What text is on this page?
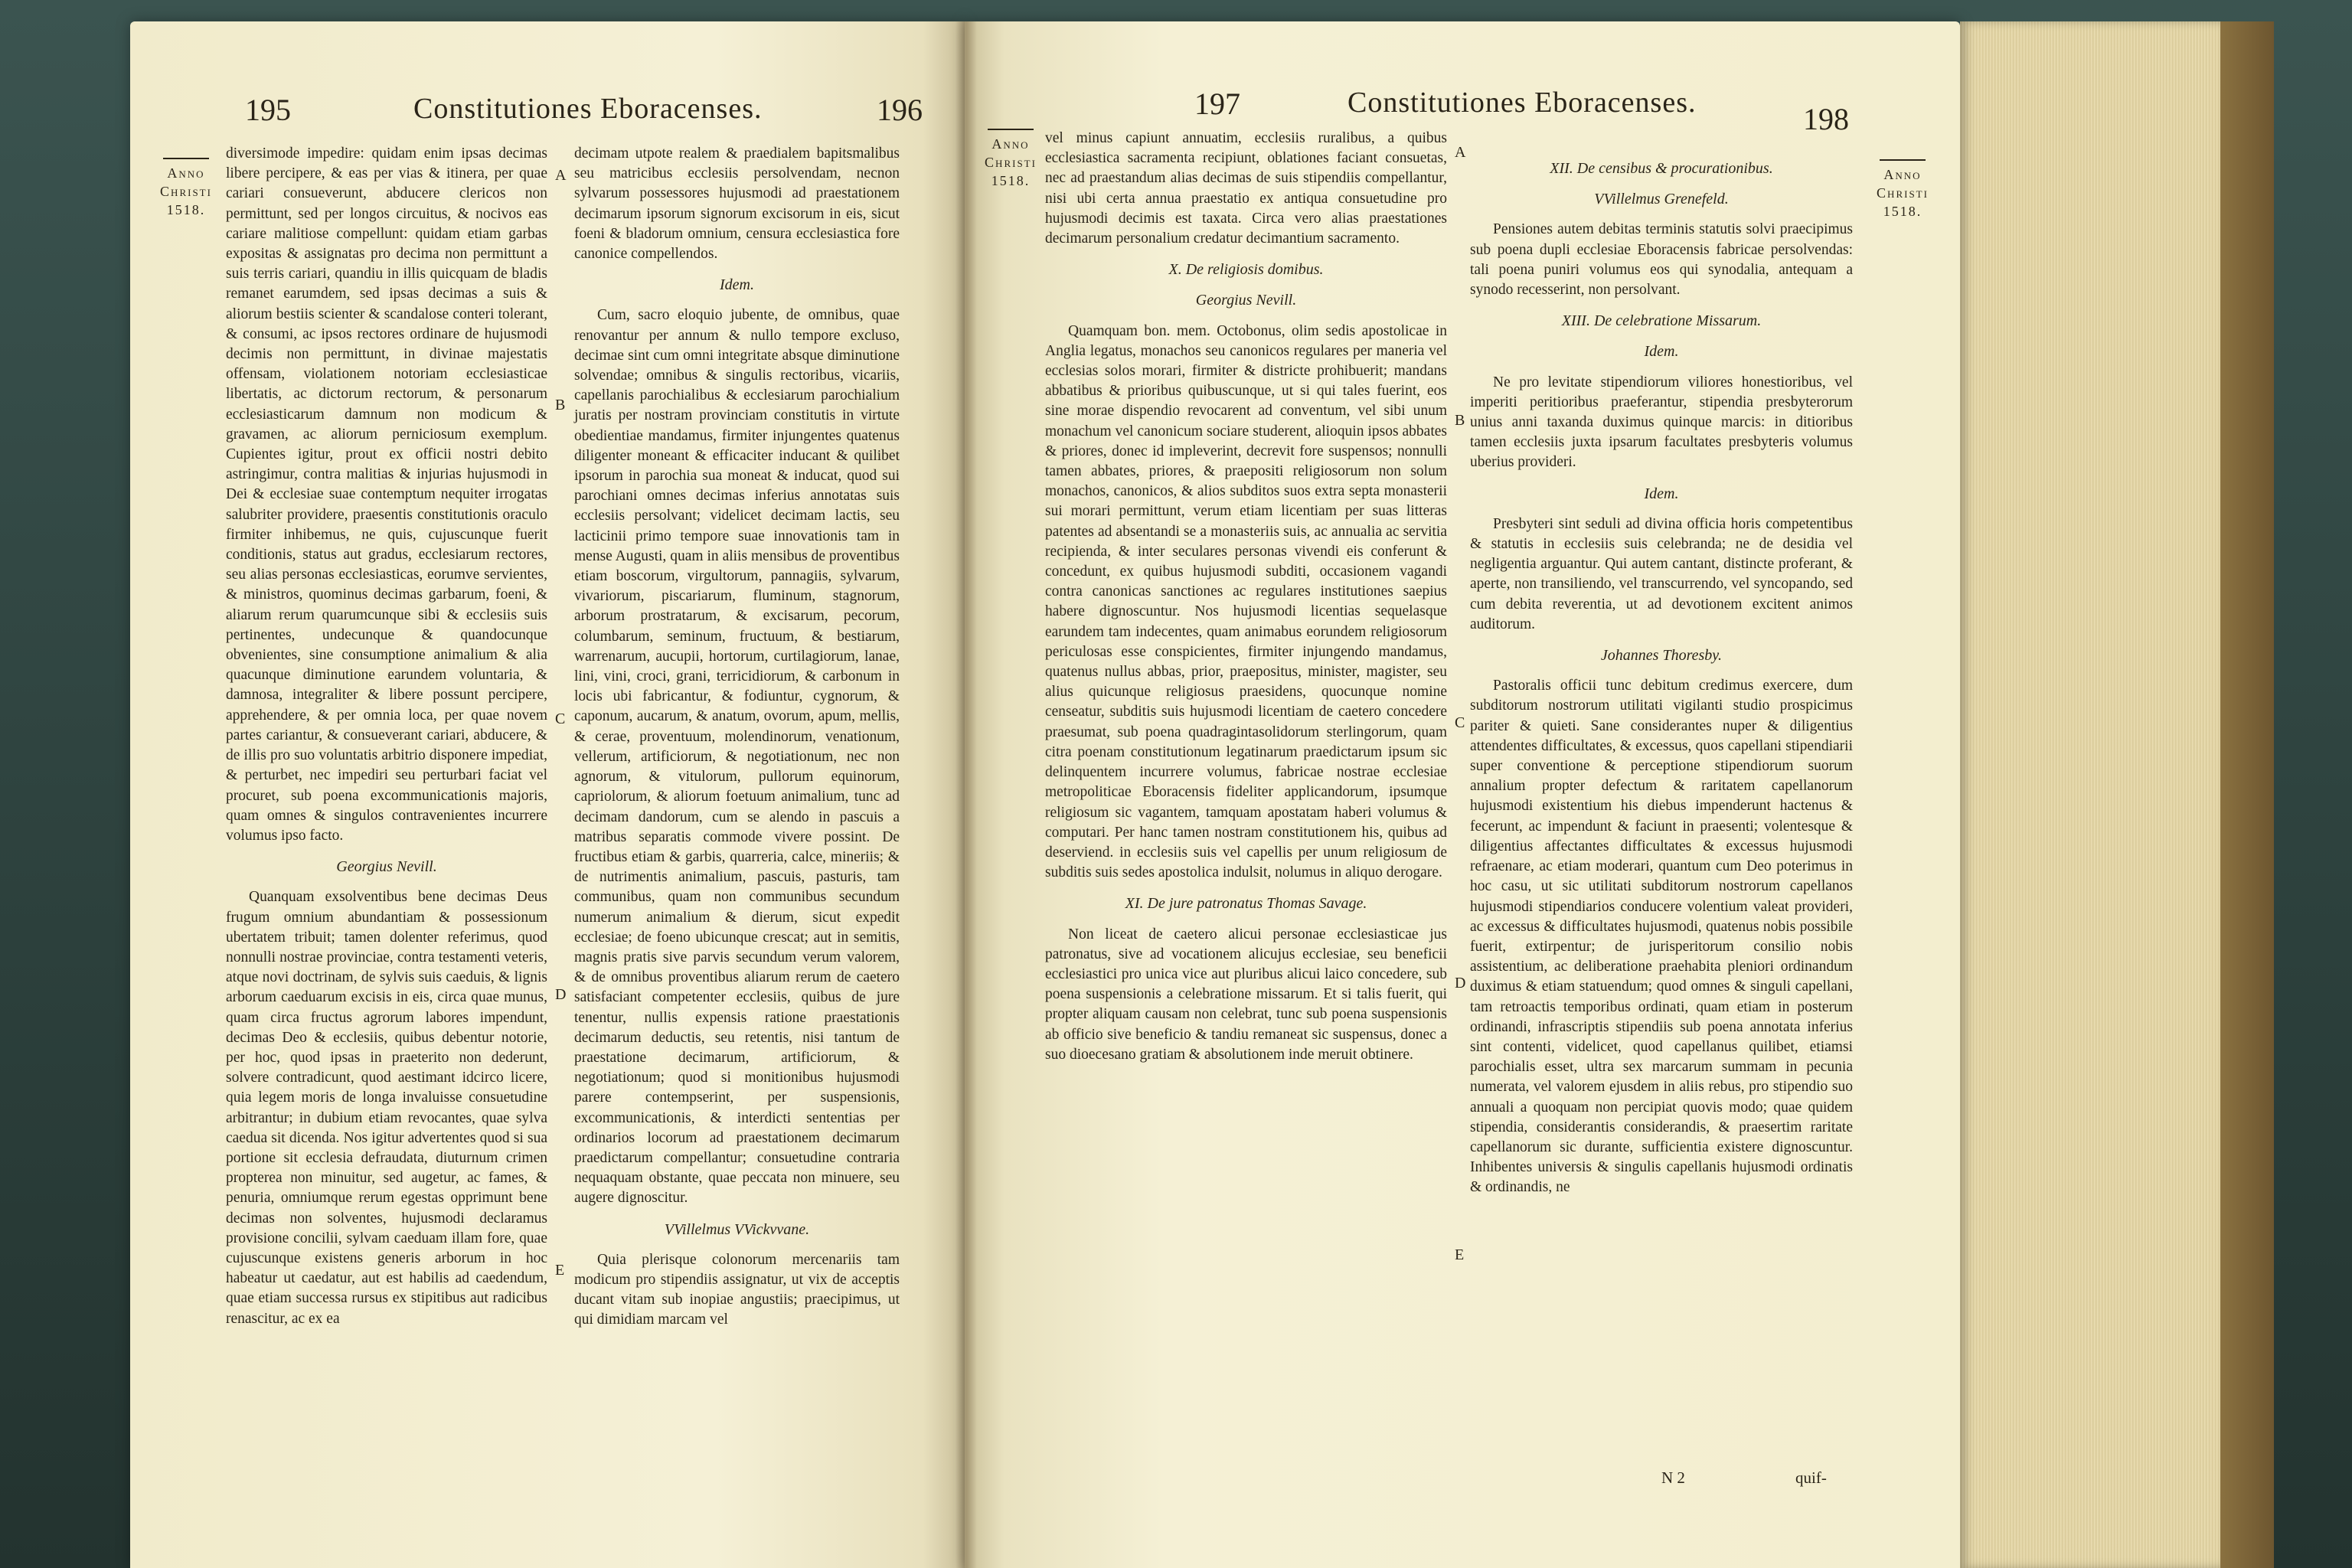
195	Constitutiones Eboracenses.	196
Anno
Christi
1518.
A
B
C
D
E

diversimode impedire: quidam enim ipsas decimas libere percipere, & eas per vias & itinera, per quae cariari consueverunt, abducere clericos non permittunt, sed per longos circuitus, & nocivos eas cariare malitiose compellunt: quidam etiam garbas expositas & assignatas pro decima non permittunt a suis terris cariari, quandiu in illis quicquam de bladis remanet earumdem, sed ipsas decimas a suis & aliorum bestiis scienter & scandalose conteri tolerant, & consumi, ac ipsos rectores ordinare de hujusmodi decimis non permittunt, in divinae majestatis offensam, violationem notoriam ecclesiasticae libertatis, ac dictorum rectorum, & personarum ecclesiasticarum damnum non modicum & gravamen, ac aliorum perniciosum exemplum. Cupientes igitur, prout ex officii nostri debito astringimur, contra malitias & injurias hujusmodi in Dei & ecclesiae suae contemptum nequiter irrogatas salubriter providere, praesentis constitutionis oraculo firmiter inhibemus, ne quis, cujuscunque fuerit conditionis, status aut gradus, ecclesiarum rectores, seu alias personas ecclesiasticas, eorumve servientes, & ministros, quominus decimas garbarum, foeni, & aliarum rerum quarumcunque sibi & ecclesiis suis pertinentes, undecunque & quandocunque obvenientes, sine consumptione animalium & alia quacunque diminutione earundem voluntaria, & damnosa, integraliter & libere possunt percipere, apprehendere, & per omnia loca, per quae novem partes cariantur, & consueverant cariari, abducere, & de illis pro suo voluntatis arbitrio disponere impediat, & perturbet, nec impediri seu perturbari faciat vel procuret, sub poena excommunicationis majoris, quam omnes & singulos contravenientes incurrere volumus ipso facto.

Georgius Nevill.

Quanquam exsolventibus bene decimas Deus frugum omnium abundantiam & possessionum ubertatem tribuit; tamen dolenter referimus, quod nonnulli nostrae provinciae, contra testamenti veteris, atque novi doctrinam, de sylvis suis caeduis, & lignis arborum caeduarum excisis in eis, circa quae munus, quam circa fructus agrorum labores impendunt, decimas Deo & ecclesiis, quibus debentur notorie, per hoc, quod ipsas in praeterito non dederunt, solvere contradicunt, quod aestimant idcirco licere, quia legem moris de longa invaluisse consuetudine arbitrantur; in dubium etiam revocantes, quae sylva caedua sit dicenda. Nos igitur advertentes quod si sua portione sit ecclesia defraudata, diuturnum crimen propterea non minuitur, sed augetur, ac fames, & penuria, omniumque rerum egestas opprimunt bene decimas non solventes, hujusmodi declaramus provisione concilii, sylvam caeduam illam fore, quae cujuscunque existens generis arborum in hoc habeatur ut caedatur, aut est habilis ad caedendum, quae etiam successa rursus ex stipitibus aut radicibus renascitur, ac ex ea

decimam utpote realem & praedialem bapitsmalibus seu matricibus ecclesiis persolvendam, necnon sylvarum possessores hujusmodi ad praestationem decimarum ipsorum signorum excisorum in eis, sicut foeni & bladorum omnium, censura ecclesiastica fore canonice compellendos.

Idem.

Cum, sacro eloquio jubente, de omnibus, quae renovantur per annum & nullo tempore excluso, decimae sint cum omni integritate absque diminutione solvendae; omnibus & singulis rectoribus, vicariis, capellanis parochialibus & ecclesiarum parochialium juratis per nostram provinciam constitutis in virtute obedientiae mandamus, firmiter injungentes quatenus diligenter moneant & efficaciter inducant & quilibet ipsorum in parochia sua moneat & inducat, quod sui parochiani omnes decimas inferius annotatas suis ecclesiis persolvant; videlicet decimam lactis, seu lacticinii primo tempore suae innovationis tam in mense Augusti, quam in aliis mensibus de proventibus etiam boscorum, virgultorum, pannagiis, sylvarum, vivariorum, piscariarum, fluminum, stagnorum, arborum prostratarum, & excisarum, pecorum, columbarum, seminum, fructuum, & bestiarum, warrenarum, aucupii, hortorum, curtilagiorum, lanae, lini, vini, croci, grani, terricidiorum, & carbonum in locis ubi fabricantur, & fodiuntur, cygnorum, & caponum, aucarum, & anatum, ovorum, apum, mellis, & cerae, proventuum, molendinorum, venationum, vellerum, artificiorum, & negotiationum, nec non agnorum, & vitulorum, pullorum equinorum, capriolorum, & aliorum foetuum animalium, tunc ad decimam dandorum, cum se alendo in pascuis a matribus separatis commode vivere possint. De fructibus etiam & garbis, quarreria, calce, mineriis; & de nutrimentis animalium, pascuis, pasturis, tam communibus, quam non communibus secundum numerum animalium & dierum, sicut expedit ecclesiae; de foeno ubicunque crescat; aut in semitis, magnis pratis sive parvis secundum verum valorem, & de omnibus proventibus aliarum rerum de caetero satisfaciant competenter ecclesiis, quibus de jure tenentur, nullis expensis ratione praestationis decimarum deductis, seu retentis, nisi tantum de praestatione decimarum, artificiorum, & negotiationum; quod si monitionibus hujusmodi parere contempserint, per suspensionis, excommunicationis, & interdicti sententias per ordinarios locorum ad praestationem decimarum praedictarum compellantur; consuetudine contraria nequaquam obstante, quae peccata non minuere, seu augere dignoscitur.

VVillelmus VVickvvane.

Quia plerisque colonorum mercenariis tam modicum pro stipendiis assignatur, ut vix de acceptis ducant vitam sub inopiae angustiis; praecipimus, ut qui dimidiam marcam vel

197	Constitutiones Eboracenses.	198
Anno
Christi
1518.	Anno
Christi
1518.
A
B
C
D
E

vel minus capiunt annuatim, ecclesiis ruralibus, a quibus ecclesiastica sacramenta recipiunt, oblationes faciant consuetas, nec ad praestandum alias decimas de suis stipendiis compellantur, nisi ubi certa annua praestatio ex antiqua consuetudine pro hujusmodi decimis est taxata. Circa vero alias praestationes decimarum personalium credatur decimantium sacramento.

X. De religiosis domibus.
Georgius Nevill.

Quamquam bon. mem. Octobonus, olim sedis apostolicae in Anglia legatus, monachos seu canonicos regulares per maneria vel ecclesias solos morari, firmiter & districte prohibuerit; mandans abbatibus & prioribus quibuscunque, ut si qui tales fuerint, eos sine morae dispendio revocarent ad conventum, vel sibi unum monachum vel canonicum sociare studerent, alioquin ipsos abbates & priores, donec id impleverint, decrevit fore suspensos; nonnulli tamen abbates, priores, & praepositi religiosorum non solum monachos, canonicos, & alios subditos suos extra septa monasterii sui morari permittunt, verum etiam licentiam per suas litteras patentes ad absentandi se a monasteriis suis, ac annualia ac servitia recipienda, & inter seculares personas vivendi eis conferunt & concedunt, ex quibus hujusmodi subditi, occasionem vagandi contra canonicas sanctiones ac regulares institutiones saepius habere dignoscuntur. Nos hujusmodi licentias sequelasque earundem tam indecentes, quam animabus eorundem religiosorum periculosas esse conspicientes, firmiter injungendo mandamus, quatenus nullus abbas, prior, praepositus, minister, magister, seu alius quicunque religiosus praesidens, quocunque nomine censeatur, subditis suis hujusmodi licentiam de caetero concedere praesumat, sub poena quadragintasolidorum sterlingorum, quam citra poenam constitutionum legatinarum praedictarum ipsum sic delinquentem incurrere volumus, fabricae nostrae ecclesiae metropoliticae Eboracensis fideliter applicandorum, ipsumque religiosum sic vagantem, tamquam apostatam haberi volumus & computari. Per hanc tamen nostram constitutionem his, quibus ad deserviend. in ecclesiis suis vel capellis per unum religiosum de subditis suis sedes apostolica indulsit, nolumus in aliquo derogare.

XI. De jure patronatus Thomas Savage.

Non liceat de caetero alicui personae ecclesiasticae jus patronatus, sive ad vocationem alicujus ecclesiae, seu beneficii ecclesiastici pro unica vice aut pluribus alicui laico concedere, sub poena suspensionis a celebratione missarum. Et si talis fuerit, qui propter aliquam causam non celebrat, tunc sub poena suspensionis ab officio sive beneficio & tandiu remaneat sic suspensus, donec a suo dioecesano gratiam & absolutionem inde meruit obtinere.

XII. De censibus & procurationibus.
VVillelmus Grenefeld.

Pensiones autem debitas terminis statutis solvi praecipimus sub poena dupli ecclesiae Eboracensis fabricae persolvendas: tali poena puniri volumus eos qui synodalia, antequam a synodo recesserint, non persolvant.

XIII. De celebratione Missarum.
Idem.

Ne pro levitate stipendiorum viliores honestioribus, vel imperiti peritioribus praeferantur, stipendia presbyterorum unius anni taxanda duximus quinque marcis: in ditioribus tamen ecclesiis juxta ipsarum facultates presbyteris volumus uberius provideri.

Idem.

Presbyteri sint seduli ad divina officia horis competentibus & statutis in ecclesiis suis celebranda; ne de desidia vel negligentia arguantur. Qui autem cantant, distincte proferant, & aperte, non transiliendo, vel transcurrendo, vel syncopando, sed cum debita reverentia, ut ad devotionem excitent animos auditorum.

Johannes Thoresby.

Pastoralis officii tunc debitum credimus exercere, dum subditorum nostrorum utilitati vigilanti studio prospicimus pariter & quieti. Sane considerantes nuper & diligentius attendentes difficultates, & excessus, quos capellani stipendiarii super conventione & perceptione stipendiorum suorum annalium propter defectum & raritatem capellanorum hujusmodi existentium his diebus impenderunt hactenus & fecerunt, ac impendunt & faciunt in praesenti; volentesque & diligentius affectantes difficultates & excessus hujusmodi refraenare, ac etiam moderari, quantum cum Deo poterimus in hoc casu, ut sic utilitati subditorum nostrorum capellanos hujusmodi stipendiarios conducere volentium valeat provideri, ac excessus & difficultates hujusmodi, quatenus nobis possibile fuerit, extirpentur; de jurisperitorum consilio nobis assistentium, ac deliberatione praehabita pleniori ordinandum duximus & etiam statuendum; quod omnes & singuli capellani, tam retroactis temporibus ordinati, quam etiam in posterum ordinandi, infrascriptis stipendiis sub poena annotata inferius sint contenti, videlicet, quod capellanus quilibet, etiamsi parochialis esset, ultra sex marcarum summam in pecunia numerata, vel valorem ejusdem in aliis rebus, pro stipendio suo annuali a quoquam non percipiat quovis modo; quae quidem stipendia, considerantis considerandis, & praesertim raritate capellanorum sic durante, sufficientia existere dignoscuntur. Inhibentes universis & singulis capellanis hujusmodi ordinatis & ordinandis, ne

N 2	quif-
